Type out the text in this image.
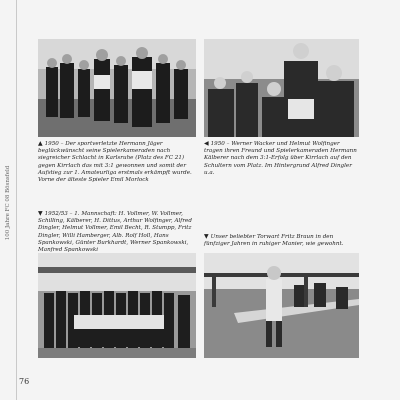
100 Jahre FC 08 Bösnsfeld
▲ 1950 – Der sportverletzte Hermann Jäger beglückwünscht seine Spielerkameraden nach siegreicher Schlacht in Karlsruhe (Platz des FC 21) gegen Kirrlach das mit 3:1 gewonnen und somit der Aufstieg zur 1. Amateurliga erstmals erkämpft wurde. Vorne der älteste Spieler Emil Morlock
◀ 1950 – Werner Wacker und Helmut Wolfinger tragen ihren Freund und Spielerkameraden Hermann Kälberer nach dem 3:1-Erfolg über Kirrlach auf den Schultern vom Platz. Im Hintergrund Alfred Dingler u.a.
▼ 1952/53 – 1. Mannschaft: H. Vollmer, W. Vollmer, Schilling, Kälberer, H. Dittus, Arthur Wolfinger, Alfred Dingler, Helmut Vollmer, Emil Becht, R. Stumpp, Fritz Dingler, Willi Hamberger, Alb. Rolf Holl, Hans Spankowski, Günter Burkhardt, Werner Spankowski, Manfred Spankowski
▼ Unser beliebter Torwart Fritz Braun in den fünfziger Jahren in ruhiger Manier, wie gewohnt.
76
